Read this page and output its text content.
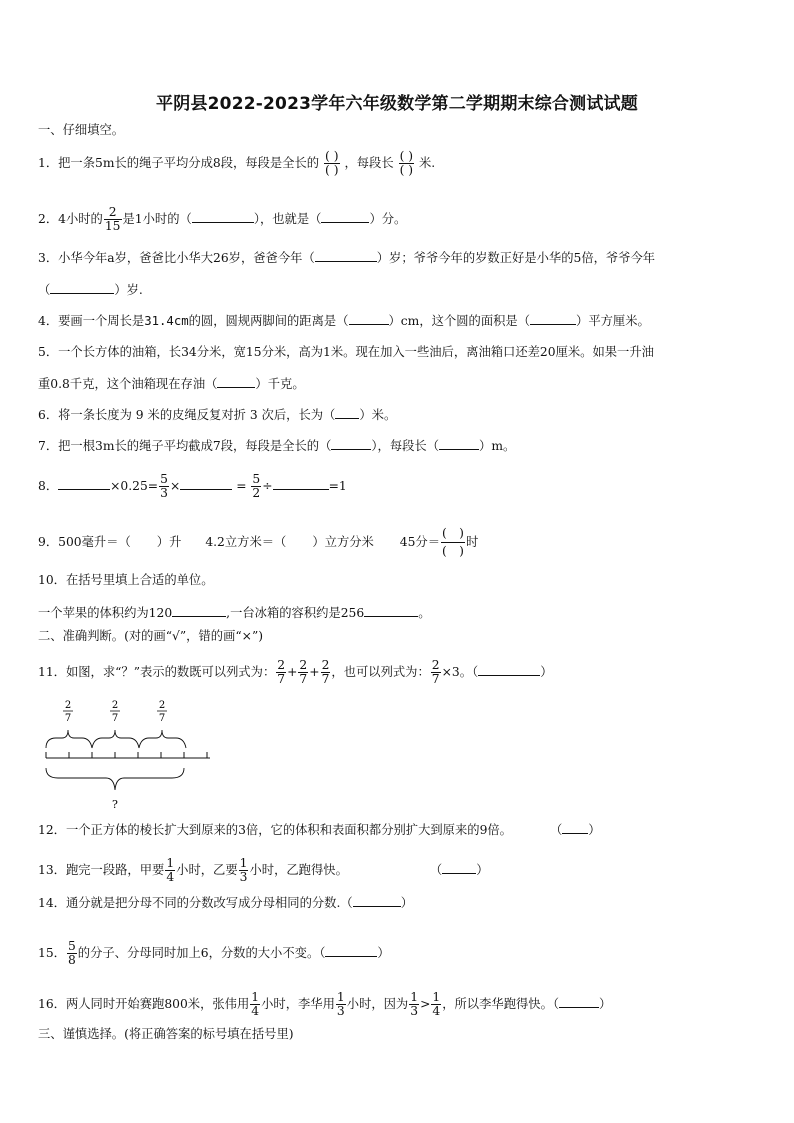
平阴县2022-2023学年六年级数学第二学期期末综合测试试题
一、仔细填空。
1．把一条5m长的绳子平均分成8段，每段是全长的 $\frac{( )}{( )}$ ，每段长 $\frac{( )}{( )}$ 米.
2．4小时的 $\frac{2}{15}$ 是1小时的（	），也就是（	）分。
3．小华今年a岁，爸爸比小华大26岁，爸爸今年（	）岁；爷爷今年的岁数正好是小华的5倍，爷爷今年
（	）岁.
4．要画一个周长是31.4cm的圆，圆规两脚间的距离是（	）cm，这个圆的面积是（	）平方厘米。
5．一个长方体的油箱，长34分米，宽15分米，高为1米。现在加入一些油后，离油箱口还差20厘米。如果一升油
重0.8千克，这个油箱现在存油（	）千克。
6．将一条长度为 9 米的皮绳反复对折 3 次后，长为（ ）米。
7．把一根3m长的绳子平均截成7段，每段是全长的（	），每段长（	）m。
8．	$\times 0.25= \frac{5}{3}$ ×	= $\frac{5}{2}$ ÷	=1
9．500毫升＝（ ）升 4.2立方米＝（ ）立方分米 45分＝ $\frac{( )}{( )}$ 时
10．在括号里填上合适的单位。
一个苹果的体积约为120	,一台冰箱的容积约是256	。
二、准确判断。(对的画“√”，错的画“×”)
11．如图，求“？”表示的数既可以列式为： $\frac{2}{7} + \frac{2}{7} + \frac{2}{7}$ ，也可以列式为： $\frac{2}{7} \times 3$。（	）
2
7
2
7
2
7
?
12．一个正方体的棱长扩大到原来的3倍，它的体积和表面积都分别扩大到原来的9倍。	（ ）
13．跑完一段路，甲要 $\frac{1}{4}$ 小时，乙要 $\frac{1}{3}$ 小时，乙跑得快。	（	）
14．通分就是把分母不同的分数改写成分母相同的分数.（	）
15． $\frac{5}{8}$ 的分子、分母同时加上6，分数的大小不变。（	）
16．两人同时开始赛跑800米，张伟用 $\frac{1}{4}$ 小时，李华用 $\frac{1}{3}$ 小时，因为 $\frac{1}{3} > \frac{1}{4}$ ，所以李华跑得快。（	）
三、谨慎选择。(将正确答案的标号填在括号里)
